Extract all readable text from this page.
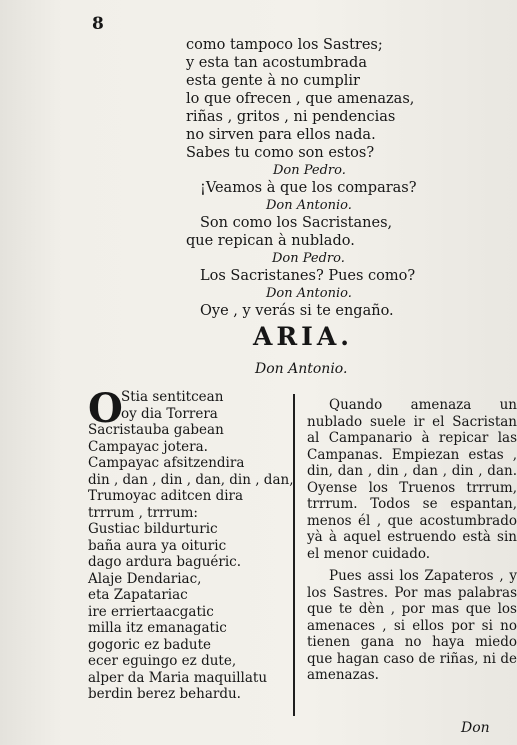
8
como tampoco los Sastres;
y esta tan acostumbrada
esta gente à no cumplir
lo que ofrecen , que amenazas,
riñas , gritos , ni pendencias
no sirven para ellos nada.
Sabes tu como son estos?
Don Pedro.
¡Veamos à que los comparas?
Don Antonio.
Son como los Sacristanes,
que repican à nublado.
Don Pedro.
Los Sacristanes? Pues como?
Don Antonio.
Oye , y verás si te engaño.
ARIA.
Don Antonio.
O
Stia sentitcean
oy dia Torrera
Sacristauba gabean
Campayac jotera.
Campayac afsitzendira
din , dan , din , dan, din , dan,
Trumoyac aditcen dira
trrrum , trrrum:
Gustiac bildurturic
baña aura ya oituric
dago ardura baguéric.
Alaje Dendariac,
eta Zapatariac
ire erriertaacgatic
milla itz emanagatic
gogoric ez badute
ecer eguingo ez dute,
alper da Maria maquillatu
berdin berez behardu.

Quando amenaza un nublado suele ir el Sacristan al Campanario à repicar las Campanas. Empiezan estas , din, dan , din , dan , din , dan. Oyense los Truenos trrrum, trrrum. Todos se espantan, menos él , que acostumbrado yà à aquel estruendo està sin el menor cuidado.

Pues assi los Zapateros , y los Sastres. Por mas palabras que te dèn , por mas que los amenaces , si ellos por si no tienen gana no haya miedo que hagan caso de riñas, ni de amenazas.

Don
